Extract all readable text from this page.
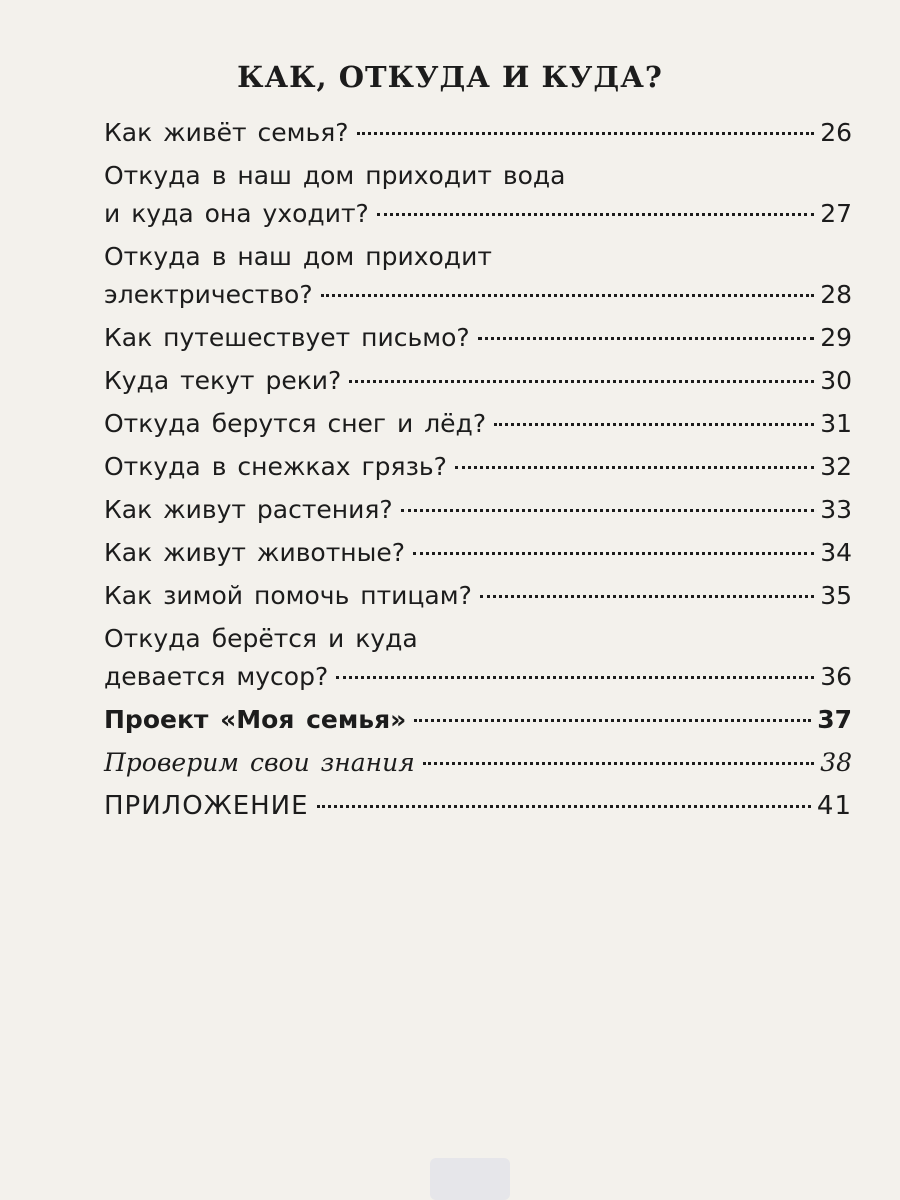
КАК, ОТКУДА И КУДА?
Как живёт семья?	26
Откуда в наш дом приходит вода
и куда она уходит?	27
Откуда в наш дом приходит
электричество?	28
Как путешествует письмо?	29
Куда текут реки?	30
Откуда берутся снег и лёд?	31
Откуда в снежках грязь?	32
Как живут растения?	33
Как живут животные?	34
Как зимой помочь птицам?	35
Откуда берётся и куда
девается мусор?	36
Проект «Моя семья»	37
Проверим свои знания	38
ПРИЛОЖЕНИЕ	41
